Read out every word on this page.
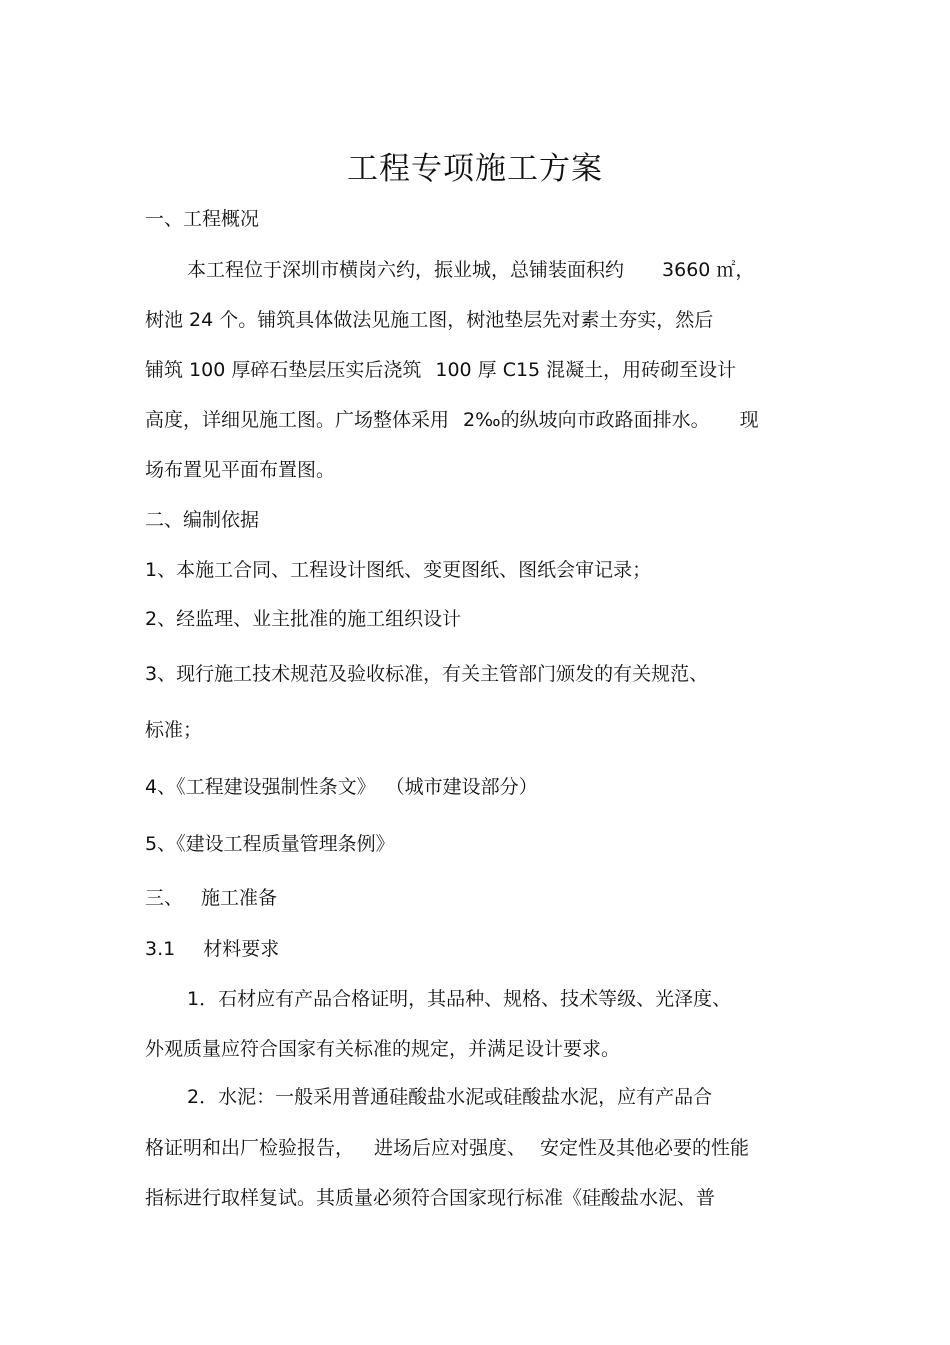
工程专项施工方案
一、工程概况
本工程位于深圳市横岗六约，振业城，总铺装面积约 3660 ㎡，
树池 24 个。铺筑具体做法见施工图，树池垫层先对素土夯实，然后
铺筑 100 厚碎石垫层压实后浇筑 100 厚 C15 混凝土，用砖砌至设计
高度，详细见施工图。广场整体采用 2‰的纵坡向市政路面排水。 现
场布置见平面布置图。
二、编制依据
1、本施工合同、工程设计图纸、变更图纸、图纸会审记录；
2、经监理、业主批准的施工组织设计
3、现行施工技术规范及验收标准，有关主管部门颁发的有关规范、
标准；
4、《工程建设强制性条文》 （城市建设部分）
5、《建设工程质量管理条例》
三、 施工准备
3.1 材料要求
1．石材应有产品合格证明，其品种、规格、技术等级、光泽度、
外观质量应符合国家有关标准的规定，并满足设计要求。
2．水泥：一般采用普通硅酸盐水泥或硅酸盐水泥，应有产品合
格证明和出厂检验报告， 进场后应对强度、 安定性及其他必要的性能
指标进行取样复试。其质量必须符合国家现行标准《硅酸盐水泥、普
